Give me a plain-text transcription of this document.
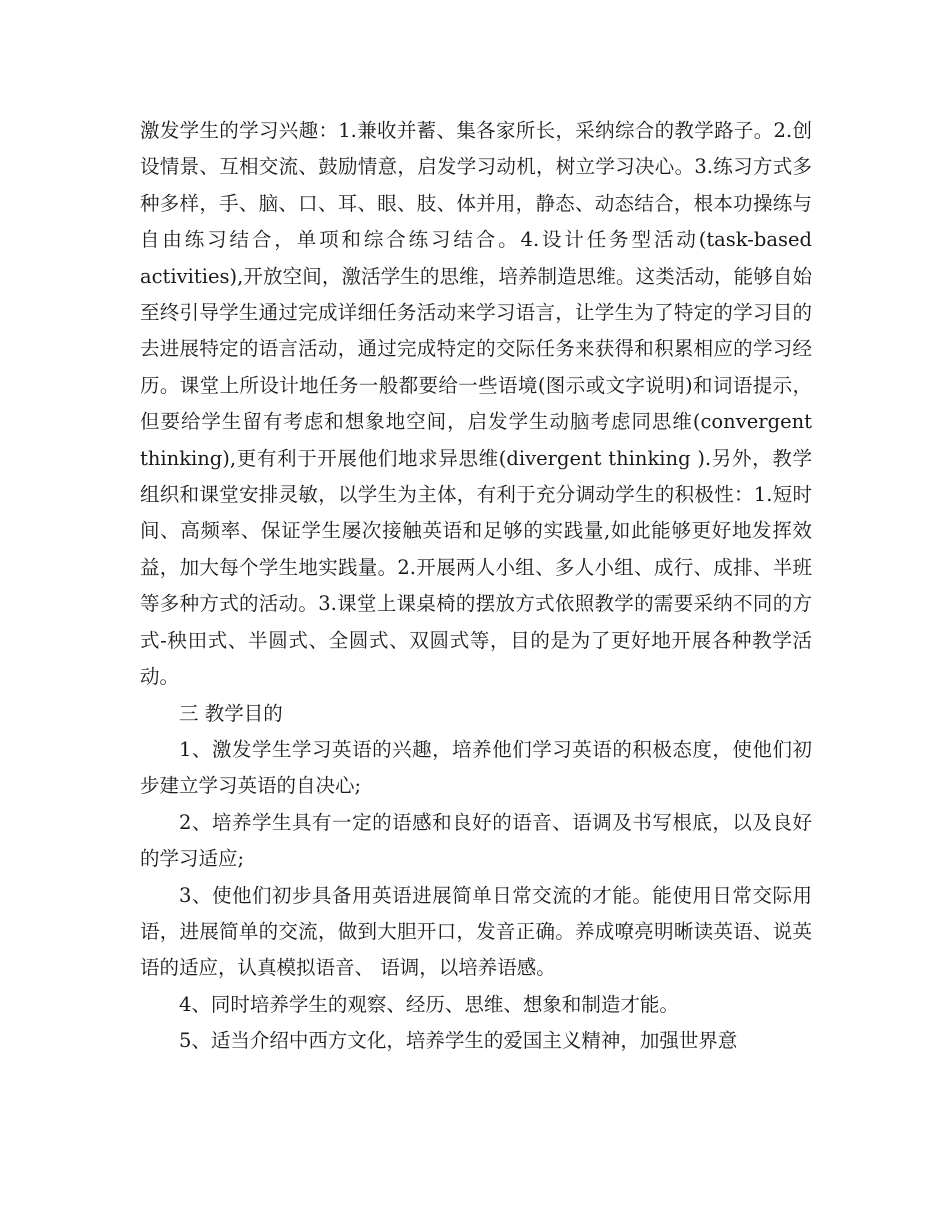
激发学生的学习兴趣：1.兼收并蓄、集各家所长，采纳综合的教学路子。2.创设情景、互相交流、鼓励情意，启发学习动机，树立学习决心。3.练习方式多种多样，手、脑、口、耳、眼、肢、体并用，静态、动态结合，根本功操练与自由练习结合，单项和综合练习结合。4.设计任务型活动(task-based activities),开放空间，激活学生的思维，培养制造思维。这类活动，能够自始至终引导学生通过完成详细任务活动来学习语言，让学生为了特定的学习目的去进展特定的语言活动，通过完成特定的交际任务来获得和积累相应的学习经历。课堂上所设计地任务一般都要给一些语境(图示或文字说明)和词语提示，但要给学生留有考虑和想象地空间，启发学生动脑考虑同思维(convergent thinking),更有利于开展他们地求异思维(divergent thinking ).另外，教学组织和课堂安排灵敏，以学生为主体，有利于充分调动学生的积极性：1.短时间、高频率、保证学生屡次接触英语和足够的实践量,如此能够更好地发挥效益，加大每个学生地实践量。2.开展两人小组、多人小组、成行、成排、半班等多种方式的活动。3.课堂上课桌椅的摆放方式依照教学的需要采纳不同的方式-秧田式、半圆式、全圆式、双圆式等，目的是为了更好地开展各种教学活动。

三 教学目的

1、激发学生学习英语的兴趣，培养他们学习英语的积极态度，使他们初步建立学习英语的自决心;

2、培养学生具有一定的语感和良好的语音、语调及书写根底，以及良好的学习适应;

3、使他们初步具备用英语进展简单日常交流的才能。能使用日常交际用语，进展简单的交流，做到大胆开口，发音正确。养成嘹亮明晰读英语、说英语的适应，认真模拟语音、 语调，以培养语感。

4、同时培养学生的观察、经历、思维、想象和制造才能。

5、适当介绍中西方文化，培养学生的爱国主义精神，加强世界意
